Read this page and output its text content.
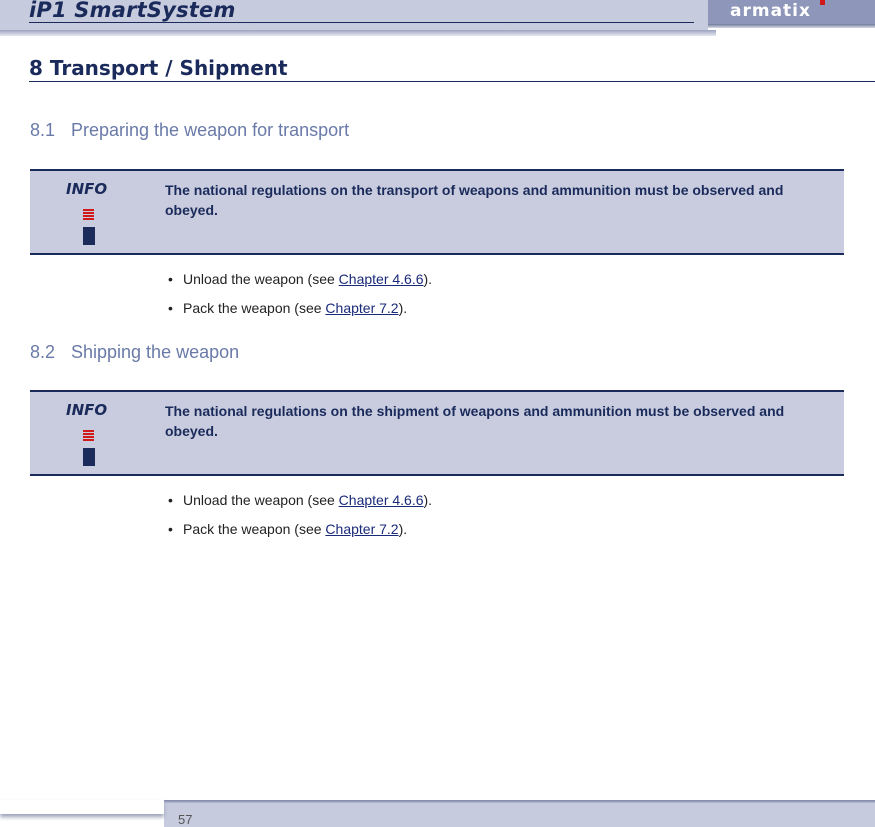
iP1 SmartSystem	armatix
8 Transport / Shipment
8.1 Preparing the weapon for transport
INFO	The national regulations on the transport of weapons and ammunition must be observed and obeyed.
• Unload the weapon (see Chapter 4.6.6).
• Pack the weapon (see Chapter 7.2).
8.2 Shipping the weapon
INFO	The national regulations on the shipment of weapons and ammunition must be observed and obeyed.
• Unload the weapon (see Chapter 4.6.6).
• Pack the weapon (see Chapter 7.2).
57
